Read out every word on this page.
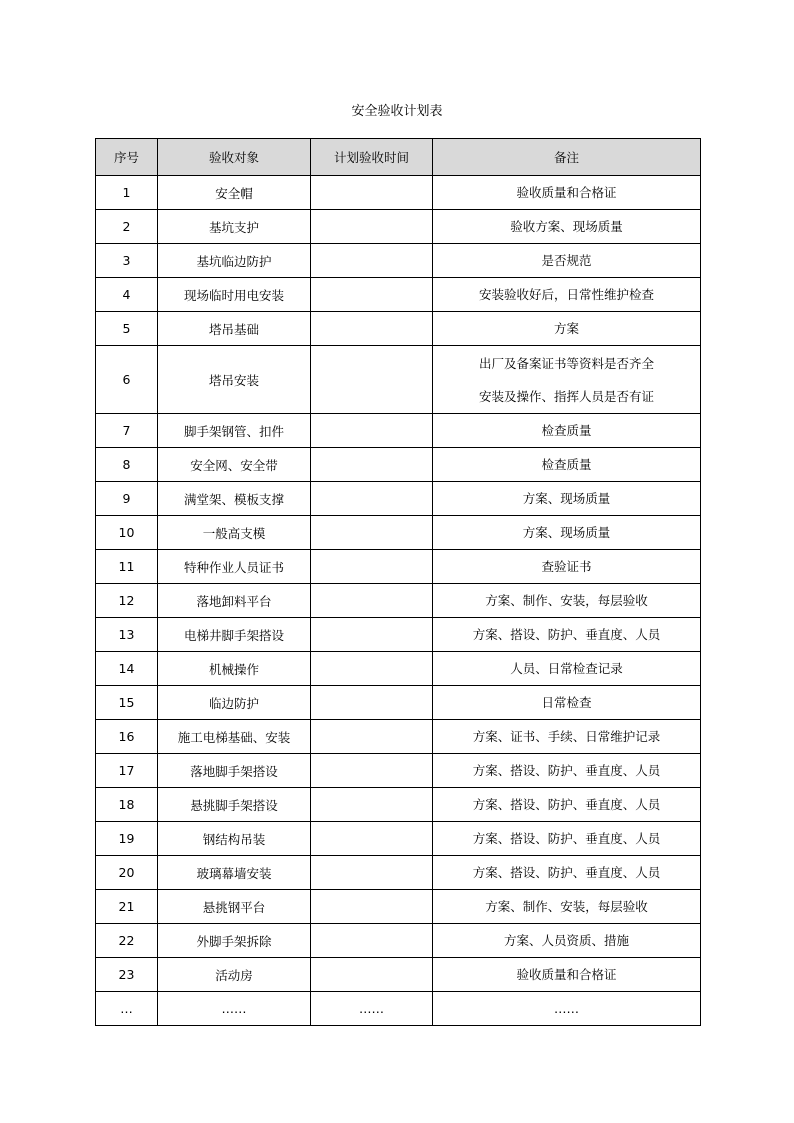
安全验收计划表
序号	验收对象	计划验收时间	备注
1	安全帽		验收质量和合格证

2	基坑支护		验收方案、现场质量

3	基坑临边防护		是否规范

4	现场临时用电安装		安装验收好后，日常性维护检查

5	塔吊基础		方案

6	塔吊安装		出厂及备案证书等资料是否齐全
安装及操作、指挥人员是否有证

7	脚手架钢管、扣件		检查质量

8	安全网、安全带		检查质量

9	满堂架、模板支撑		方案、现场质量

10	一般高支模		方案、现场质量

11	特种作业人员证书		查验证书

12	落地卸料平台		方案、制作、安装，每层验收

13	电梯井脚手架搭设		方案、搭设、防护、垂直度、人员

14	机械操作		人员、日常检查记录

15	临边防护		日常检查

16	施工电梯基础、安装		方案、证书、手续、日常维护记录

17	落地脚手架搭设		方案、搭设、防护、垂直度、人员

18	悬挑脚手架搭设		方案、搭设、防护、垂直度、人员

19	钢结构吊装		方案、搭设、防护、垂直度、人员

20	玻璃幕墙安装		方案、搭设、防护、垂直度、人员

21	悬挑钢平台		方案、制作、安装，每层验收

22	外脚手架拆除		方案、人员资质、措施

23	活动房		验收质量和合格证

…	……	……	……
